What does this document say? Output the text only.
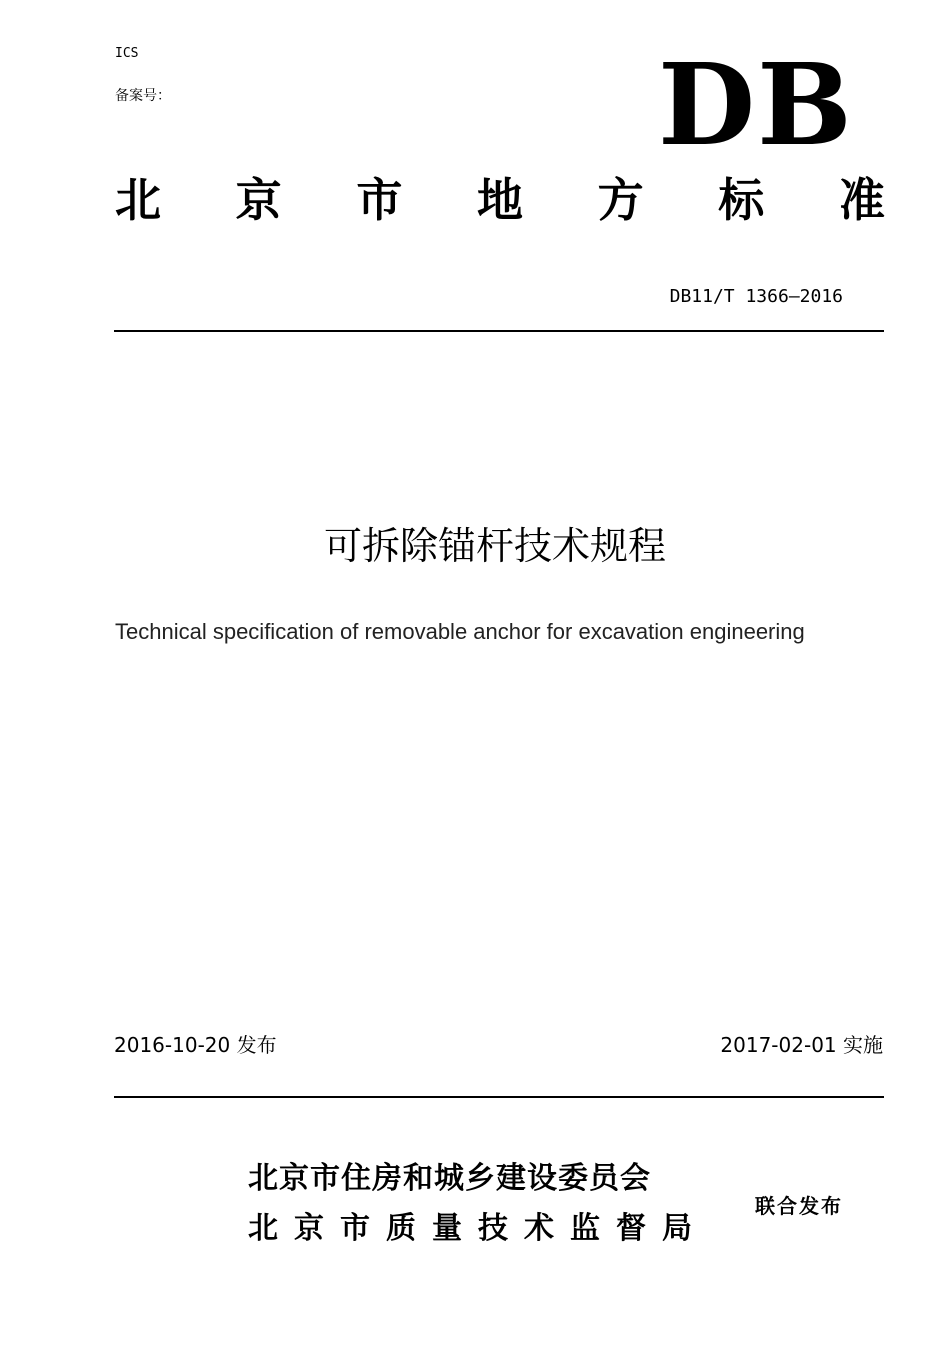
ICS
备案号：	DB
北 京 市 地 方 标 准
DB11/T 1366—2016
可拆除锚杆技术规程
Technical specification of removable anchor for excavation engineering
2016-10-20 发布	2017-02-01 实施
北京市住房和城乡建设委员会
北京市质量技术监督局
联合发布
